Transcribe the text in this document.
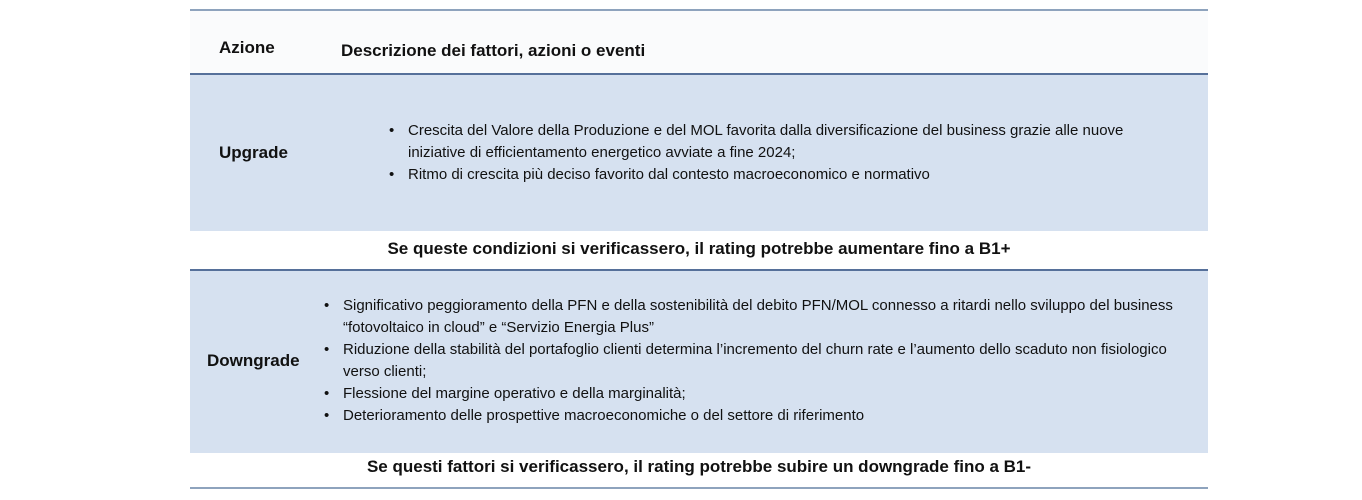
Azione	Descrizione dei fattori, azioni o eventi
Upgrade
• Crescita del Valore della Produzione e del MOL favorita dalla diversificazione del business grazie alle nuove iniziative di efficientamento energetico avviate a fine 2024;
• Ritmo di crescita più deciso favorito dal contesto macroeconomico e normativo
Se queste condizioni si verificassero, il rating potrebbe aumentare fino a B1+
Downgrade
• Significativo peggioramento della PFN e della sostenibilità del debito PFN/MOL connesso a ritardi nello sviluppo del business “fotovoltaico in cloud” e “Servizio Energia Plus”
• Riduzione della stabilità del portafoglio clienti determina l’incremento del churn rate e l’aumento dello scaduto non fisiologico verso clienti;
• Flessione del margine operativo e della marginalità;
• Deterioramento delle prospettive macroeconomiche o del settore di riferimento
Se questi fattori si verificassero, il rating potrebbe subire un downgrade fino a B1-
